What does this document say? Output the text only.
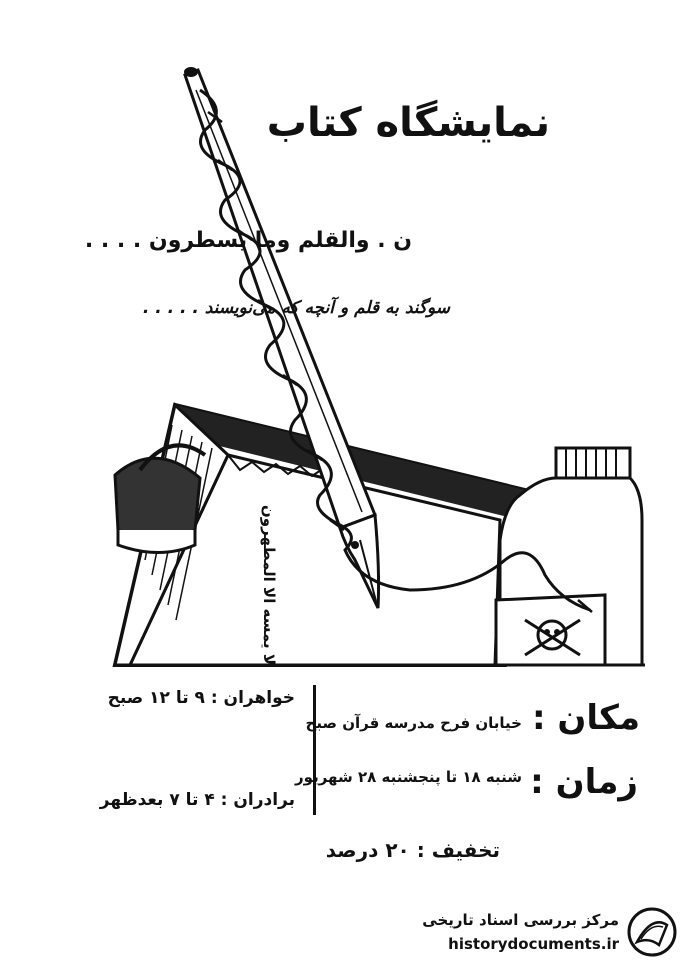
نمایشگاه کتاب
ن . والقلم وما یسطرون . . . .
سوگند به قلم و آنچه که می‌نویسند . . . . .
لا یمسه الا المطهرون
مکان :
خیابان فرح مدرسه قرآن صبح
زمان :
شنبه ۱۸ تا پنجشنبه ۲۸ شهریور
خواهران : ۹ تا ۱۲ صبح
برادران : ۴ تا ۷ بعدظهر
تخفیف : ۲۰ درصد
مرکز بررسی اسناد تاریخی
historydocuments.ir
